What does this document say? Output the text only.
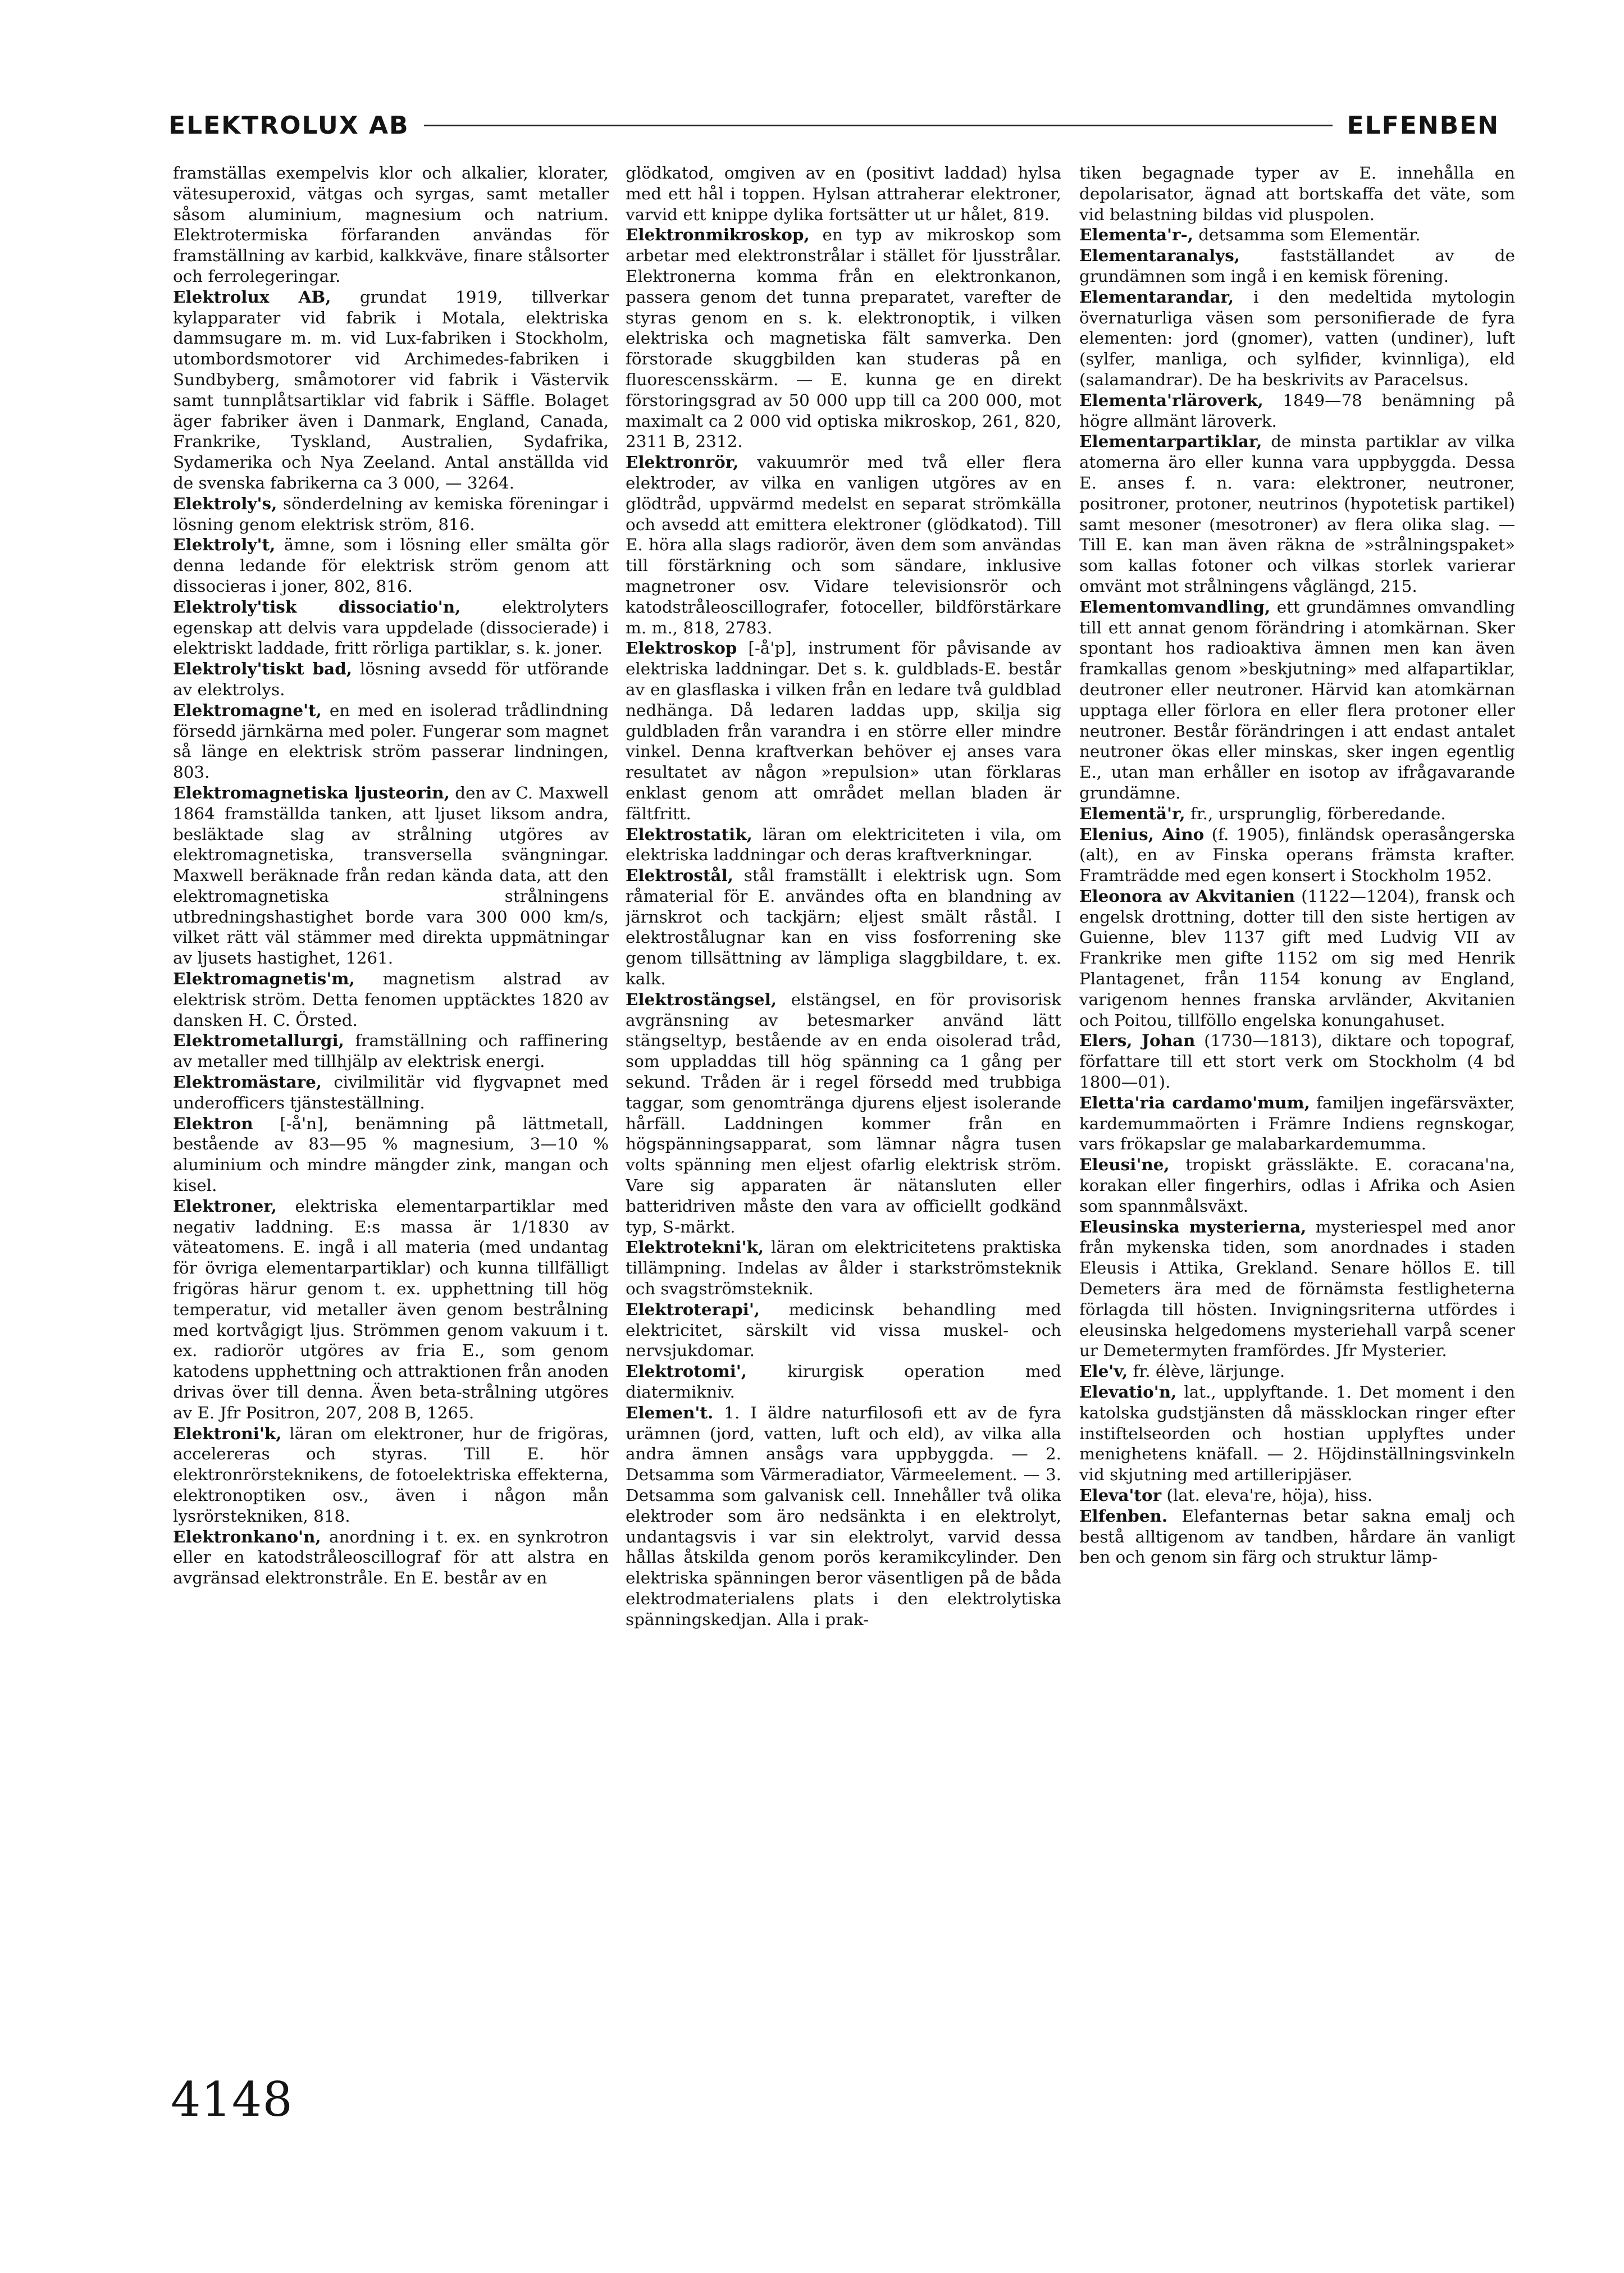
ELEKTROLUX AB	ELFENBEN

framställas exempelvis klor och alkalier, klorater, vätesuperoxid, vätgas och syrgas, samt metaller såsom aluminium, magnesium och natrium. Elektrotermiska förfaranden användas för framställning av karbid, kalkkväve, finare stålsorter och ferrolegeringar.

Elektrolux AB, grundat 1919, tillverkar kylapparater vid fabrik i Motala, elektriska dammsugare m. m. vid Lux-fabriken i Stockholm, utombordsmotorer vid Archimedes-fabriken i Sundbyberg, småmotorer vid fabrik i Västervik samt tunnplåtsartiklar vid fabrik i Säffle. Bolaget äger fabriker även i Danmark, England, Canada, Frankrike, Tyskland, Australien, Sydafrika, Sydamerika och Nya Zeeland. Antal anställda vid de svenska fabrikerna ca 3 000, — 3264.

Elektroly's, sönderdelning av kemiska föreningar i lösning genom elektrisk ström, 816.

Elektroly't, ämne, som i lösning eller smälta gör denna ledande för elektrisk ström genom att dissocieras i joner, 802, 816.

Elektroly'tisk dissociatio'n, elektrolyters egenskap att delvis vara uppdelade (dissocierade) i elektriskt laddade, fritt rörliga partiklar, s. k. joner.

Elektroly'tiskt bad, lösning avsedd för utförande av elektrolys.

Elektromagne't, en med en isolerad trådlindning försedd järnkärna med poler. Fungerar som magnet så länge en elektrisk ström passerar lindningen, 803.

Elektromagnetiska ljusteorin, den av C. Maxwell 1864 framställda tanken, att ljuset liksom andra, besläktade slag av strålning utgöres av elektromagnetiska, transversella svängningar. Maxwell beräknade från redan kända data, att den elektromagnetiska strålningens utbredningshastighet borde vara 300 000 km/s, vilket rätt väl stämmer med direkta uppmätningar av ljusets hastighet, 1261.

Elektromagnetis'm, magnetism alstrad av elektrisk ström. Detta fenomen upptäcktes 1820 av dansken H. C. Örsted.

Elektrometallurgi, framställning och raffinering av metaller med tillhjälp av elektrisk energi.

Elektromästare, civilmilitär vid flygvapnet med underofficers tjänsteställning.

Elektron [-å'n], benämning på lättmetall, bestående av 83—95 % magnesium, 3—10 % aluminium och mindre mängder zink, mangan och kisel.

Elektroner, elektriska elementarpartiklar med negativ laddning. E:s massa är 1/1830 av väteatomens. E. ingå i all materia (med undantag för övriga elementarpartiklar) och kunna tillfälligt frigöras härur genom t. ex. upphettning till hög temperatur, vid metaller även genom bestrålning med kortvågigt ljus. Strömmen genom vakuum i t. ex. radiorör utgöres av fria E., som genom katodens upphettning och attraktionen från anoden drivas över till denna. Även beta-strålning utgöres av E. Jfr Positron, 207, 208 B, 1265.

Elektroni'k, läran om elektroner, hur de frigöras, accelereras och styras. Till E. hör elektronrörsteknikens, de fotoelektriska effekterna, elektronoptiken osv., även i någon mån lysrörstekniken, 818.

Elektronkano'n, anordning i t. ex. en synkrotron eller en katodstråleoscillograf för att alstra en avgränsad elektronstråle. En E. består av en

glödkatod, omgiven av en (positivt laddad) hylsa med ett hål i toppen. Hylsan attraherar elektroner, varvid ett knippe dylika fortsätter ut ur hålet, 819.

Elektronmikroskop, en typ av mikroskop som arbetar med elektronstrålar i stället för ljusstrålar. Elektronerna komma från en elektronkanon, passera genom det tunna preparatet, varefter de styras genom en s. k. elektronoptik, i vilken elektriska och magnetiska fält samverka. Den förstorade skuggbilden kan studeras på en fluorescensskärm. — E. kunna ge en direkt förstoringsgrad av 50 000 upp till ca 200 000, mot maximalt ca 2 000 vid optiska mikroskop, 261, 820, 2311 B, 2312.

Elektronrör, vakuumrör med två eller flera elektroder, av vilka en vanligen utgöres av en glödtråd, uppvärmd medelst en separat strömkälla och avsedd att emittera elektroner (glödkatod). Till E. höra alla slags radiorör, även dem som användas till förstärkning och som sändare, inklusive magnetroner osv. Vidare televisionsrör och katodstråleoscillografer, fotoceller, bildförstärkare m. m., 818, 2783.

Elektroskop [-å'p], instrument för påvisande av elektriska laddningar. Det s. k. guldblads-E. består av en glasflaska i vilken från en ledare två guldblad nedhänga. Då ledaren laddas upp, skilja sig guldbladen från varandra i en större eller mindre vinkel. Denna kraftverkan behöver ej anses vara resultatet av någon »repulsion» utan förklaras enklast genom att området mellan bladen är fältfritt.

Elektrostatik, läran om elektriciteten i vila, om elektriska laddningar och deras kraftverkningar.

Elektrostål, stål framställt i elektrisk ugn. Som råmaterial för E. användes ofta en blandning av järnskrot och tackjärn; eljest smält råstål. I elektrostålugnar kan en viss fosforrening ske genom tillsättning av lämpliga slaggbildare, t. ex. kalk.

Elektrostängsel, elstängsel, en för provisorisk avgränsning av betesmarker använd lätt stängseltyp, bestående av en enda oisolerad tråd, som uppladdas till hög spänning ca 1 gång per sekund. Tråden är i regel försedd med trubbiga taggar, som genomtränga djurens eljest isolerande hårfäll. Laddningen kommer från en högspänningsapparat, som lämnar några tusen volts spänning men eljest ofarlig elektrisk ström. Vare sig apparaten är nätansluten eller batteridriven måste den vara av officiellt godkänd typ, S-märkt.

Elektrotekni'k, läran om elektricitetens praktiska tillämpning. Indelas av ålder i starkströmsteknik och svagströmsteknik.

Elektroterapi', medicinsk behandling med elektricitet, särskilt vid vissa muskel- och nervsjukdomar.

Elektrotomi', kirurgisk operation med diatermikniv.

Elemen't. 1. I äldre naturfilosofi ett av de fyra urämnen (jord, vatten, luft och eld), av vilka alla andra ämnen ansågs vara uppbyggda. — 2. Detsamma som Värmeradiator, Värmeelement. — 3. Detsamma som galvanisk cell. Innehåller två olika elektroder som äro nedsänkta i en elektrolyt, undantagsvis i var sin elektrolyt, varvid dessa hållas åtskilda genom porös keramikcylinder. Den elektriska spänningen beror väsentligen på de båda elektrodmaterialens plats i den elektrolytiska spänningskedjan. Alla i prak-

tiken begagnade typer av E. innehålla en depolarisator, ägnad att bortskaffa det väte, som vid belastning bildas vid pluspolen.

Elementa'r-, detsamma som Elementär.

Elementaranalys, fastställandet av de grundämnen som ingå i en kemisk förening.

Elementarandar, i den medeltida mytologin övernaturliga väsen som personifierade de fyra elementen: jord (gnomer), vatten (undiner), luft (sylfer, manliga, och sylfider, kvinnliga), eld (salamandrar). De ha beskrivits av Paracelsus.

Elementa'rläroverk, 1849—78 benämning på högre allmänt läroverk.

Elementarpartiklar, de minsta partiklar av vilka atomerna äro eller kunna vara uppbyggda. Dessa E. anses f. n. vara: elektroner, neutroner, positroner, protoner, neutrinos (hypotetisk partikel) samt mesoner (mesotroner) av flera olika slag. — Till E. kan man även räkna de »strålningspaket» som kallas fotoner och vilkas storlek varierar omvänt mot strålningens våglängd, 215.

Elementomvandling, ett grundämnes omvandling till ett annat genom förändring i atomkärnan. Sker spontant hos radioaktiva ämnen men kan även framkallas genom »beskjutning» med alfapartiklar, deutroner eller neutroner. Härvid kan atomkärnan upptaga eller förlora en eller flera protoner eller neutroner. Består förändringen i att endast antalet neutroner ökas eller minskas, sker ingen egentlig E., utan man erhåller en isotop av ifrågavarande grundämne.

Elementä'r, fr., ursprunglig, förberedande.

Elenius, Aino (f. 1905), finländsk operasångerska (alt), en av Finska operans främsta krafter. Framträdde med egen konsert i Stockholm 1952.

Eleonora av Akvitanien (1122—1204), fransk och engelsk drottning, dotter till den siste hertigen av Guienne, blev 1137 gift med Ludvig VII av Frankrike men gifte 1152 om sig med Henrik Plantagenet, från 1154 konung av England, varigenom hennes franska arvländer, Akvitanien och Poitou, tillföllo engelska konungahuset.

Elers, Johan (1730—1813), diktare och topograf, författare till ett stort verk om Stockholm (4 bd 1800—01).

Eletta'ria cardamo'mum, familjen ingefärsväxter, kardemummaörten i Främre Indiens regnskogar, vars frökapslar ge malabarkardemumma.

Eleusi'ne, tropiskt grässläkte. E. coracana'na, korakan eller fingerhirs, odlas i Afrika och Asien som spannmålsväxt.

Eleusinska mysterierna, mysteriespel med anor från mykenska tiden, som anordnades i staden Eleusis i Attika, Grekland. Senare höllos E. till Demeters ära med de förnämsta festligheterna förlagda till hösten. Invigningsriterna utfördes i eleusinska helgedomens mysteriehall varpå scener ur Demetermyten framfördes. Jfr Mysterier.

Ele'v, fr. élève, lärjunge.

Elevatio'n, lat., upplyftande. 1. Det moment i den katolska gudstjänsten då mässklockan ringer efter instiftelseorden och hostian upplyftes under menighetens knäfall. — 2. Höjdinställningsvinkeln vid skjutning med artilleripjäser.

Eleva'tor (lat. eleva're, höja), hiss.

Elfenben. Elefanternas betar sakna emalj och bestå alltigenom av tandben, hårdare än vanligt ben och genom sin färg och struktur lämp-

4148
